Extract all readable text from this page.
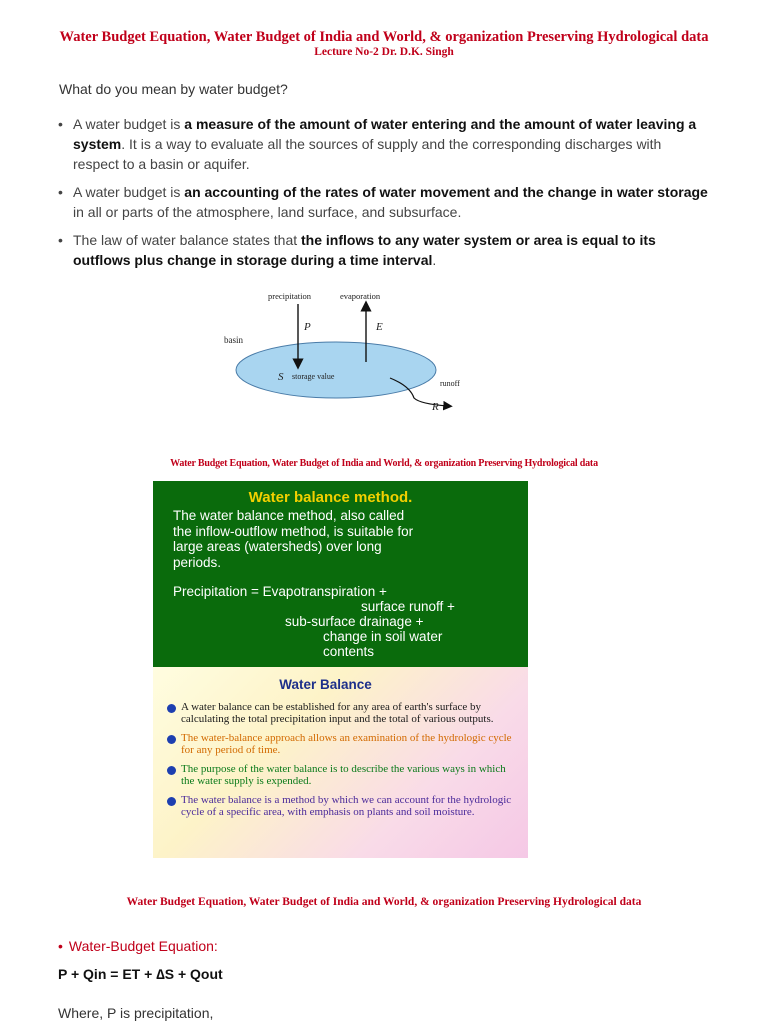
Water Budget Equation, Water Budget of India and World, & organization Preserving Hydrological data
Lecture No-2 Dr. D.K. Singh
What do you mean by water budget?
• A water budget is a measure of the amount of water entering and the amount of water leaving a system. It is a way to evaluate all the sources of supply and the corresponding discharges with respect to a basin or aquifer.
• A water budget is an accounting of the rates of water movement and the change in water storage in all or parts of the atmosphere, land surface, and subsurface.
• The law of water balance states that the inflows to any water system or area is equal to its outflows plus change in storage during a time interval.
precipitation	evaporation
basin
P	E
S storage value
runoff
R
Water Budget Equation, Water Budget of India and World, & organization Preserving Hydrological data
Water balance method.
The water balance method, also called
the inflow-outflow method, is suitable for
large areas (watersheds) over long
periods.
Precipitation = Evapotranspiration +
surface runoff +
sub-surface drainage +
change in soil water
contents
Water Balance
A water balance can be established for any area of earth's surface by calculating the total precipitation input and the total of various outputs.
The water-balance approach allows an examination of the hydrologic cycle for any period of time.
The purpose of the water balance is to describe the various ways in which the water supply is expended.
The water balance is a method by which we can account for the hydrologic cycle of a specific area, with emphasis on plants and soil moisture.
Water Budget Equation, Water Budget of India and World, & organization Preserving Hydrological data
• Water-Budget Equation:
P + Qin = ET + ∆S + Qout
Where, P is precipitation,
